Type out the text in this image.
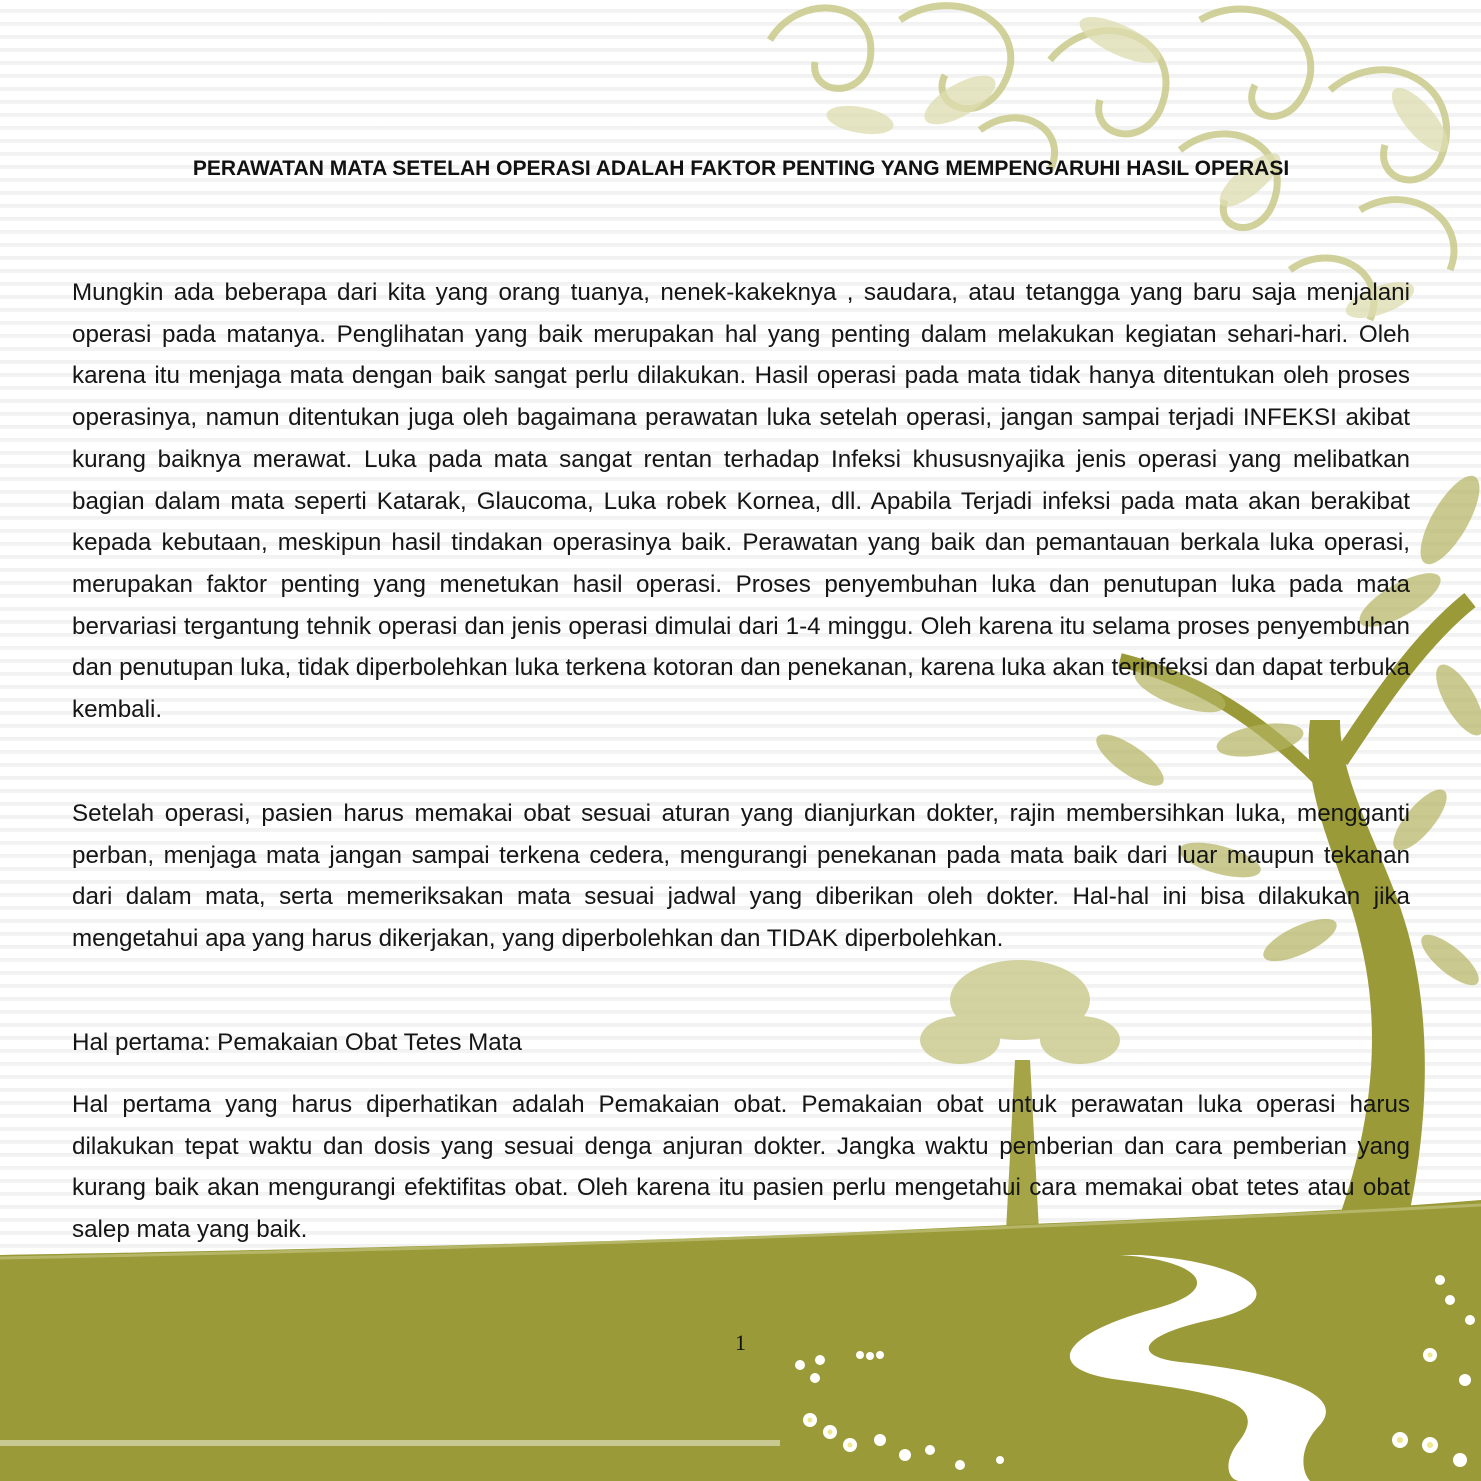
PERAWATAN MATA SETELAH OPERASI ADALAH FAKTOR PENTING YANG MEMPENGARUHI HASIL OPERASI

Mungkin ada beberapa dari kita yang orang tuanya, nenek-kakeknya , saudara, atau tetangga yang baru saja menjalani operasi pada matanya. Penglihatan yang baik merupakan hal yang penting dalam melakukan kegiatan sehari-hari. Oleh karena itu menjaga mata dengan baik sangat perlu dilakukan. Hasil operasi pada mata tidak hanya ditentukan oleh proses operasinya, namun ditentukan juga oleh bagaimana perawatan luka setelah operasi, jangan sampai terjadi INFEKSI akibat kurang baiknya merawat. Luka pada mata sangat rentan terhadap Infeksi khususnyajika jenis operasi yang melibatkan bagian dalam mata seperti Katarak, Glaucoma, Luka robek Kornea, dll. Apabila Terjadi infeksi pada mata akan berakibat kepada kebutaan, meskipun hasil tindakan operasinya baik. Perawatan yang baik dan pemantauan berkala luka operasi, merupakan faktor penting yang menetukan hasil operasi. Proses penyembuhan luka dan penutupan luka pada mata bervariasi tergantung tehnik operasi dan jenis operasi dimulai dari 1-4 minggu. Oleh karena itu selama proses penyembuhan dan penutupan luka, tidak diperbolehkan luka terkena kotoran dan penekanan, karena luka akan terinfeksi dan dapat terbuka kembali.

Setelah operasi, pasien harus memakai obat sesuai aturan yang dianjurkan dokter, rajin membersihkan luka, mengganti perban, menjaga mata jangan sampai terkena cedera, mengurangi penekanan pada mata baik dari luar maupun tekanan dari dalam mata, serta memeriksakan mata sesuai jadwal yang diberikan oleh dokter. Hal-hal ini bisa dilakukan jika mengetahui apa yang harus dikerjakan, yang diperbolehkan dan TIDAK diperbolehkan.

Hal pertama: Pemakaian Obat Tetes Mata

Hal pertama yang harus diperhatikan adalah Pemakaian obat. Pemakaian obat untuk perawatan luka operasi harus dilakukan tepat waktu dan dosis yang sesuai denga anjuran dokter. Jangka waktu pemberian dan cara pemberian yang kurang baik akan mengurangi efektifitas obat. Oleh karena itu pasien perlu mengetahui cara memakai obat tetes atau obat salep mata yang baik.

1
